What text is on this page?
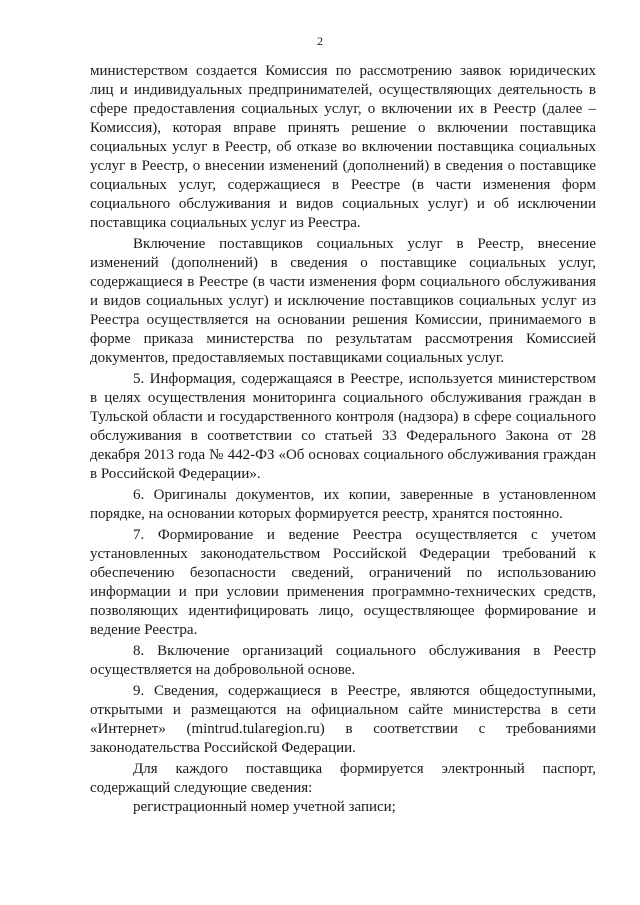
2

министерством создается Комиссия по рассмотрению заявок юридических лиц и индивидуальных предпринимателей, осуществляющих деятельность в сфере предоставления социальных услуг, о включении их в Реестр (далее – Комиссия), которая вправе принять решение о включении поставщика социальных услуг в Реестр, об отказе во включении поставщика социальных услуг в Реестр, о внесении изменений (дополнений) в сведения о поставщике социальных услуг, содержащиеся в Реестре (в части изменения форм социального обслуживания и видов социальных услуг) и об исключении поставщика социальных услуг из Реестра.

Включение поставщиков социальных услуг в Реестр, внесение изменений (дополнений) в сведения о поставщике социальных услуг, содержащиеся в Реестре (в части изменения форм социального обслуживания и видов социальных услуг) и исключение поставщиков социальных услуг из Реестра осуществляется на основании решения Комиссии, принимаемого в форме приказа министерства по результатам рассмотрения Комиссией документов, предоставляемых поставщиками социальных услуг.

5. Информация, содержащаяся в Реестре, используется министерством в целях осуществления мониторинга социального обслуживания граждан в Тульской области и государственного контроля (надзора) в сфере социального обслуживания в соответствии со статьей 33 Федерального Закона от 28 декабря 2013 года № 442-ФЗ «Об основах социального обслуживания граждан в Российской Федерации».

6. Оригиналы документов, их копии, заверенные в установленном порядке, на основании которых формируется реестр, хранятся постоянно.

7. Формирование и ведение Реестра осуществляется с учетом установленных законодательством Российской Федерации требований к обеспечению безопасности сведений, ограничений по использованию информации и при условии применения программно-технических средств, позволяющих идентифицировать лицо, осуществляющее формирование и ведение Реестра.

8. Включение организаций социального обслуживания в Реестр осуществляется на добровольной основе.

9. Сведения, содержащиеся в Реестре, являются общедоступными, открытыми и размещаются на официальном сайте министерства в сети «Интернет» (mintrud.tularegion.ru) в соответствии с требованиями законодательства Российской Федерации.

Для каждого поставщика формируется электронный паспорт, содержащий следующие сведения:

регистрационный номер учетной записи;
